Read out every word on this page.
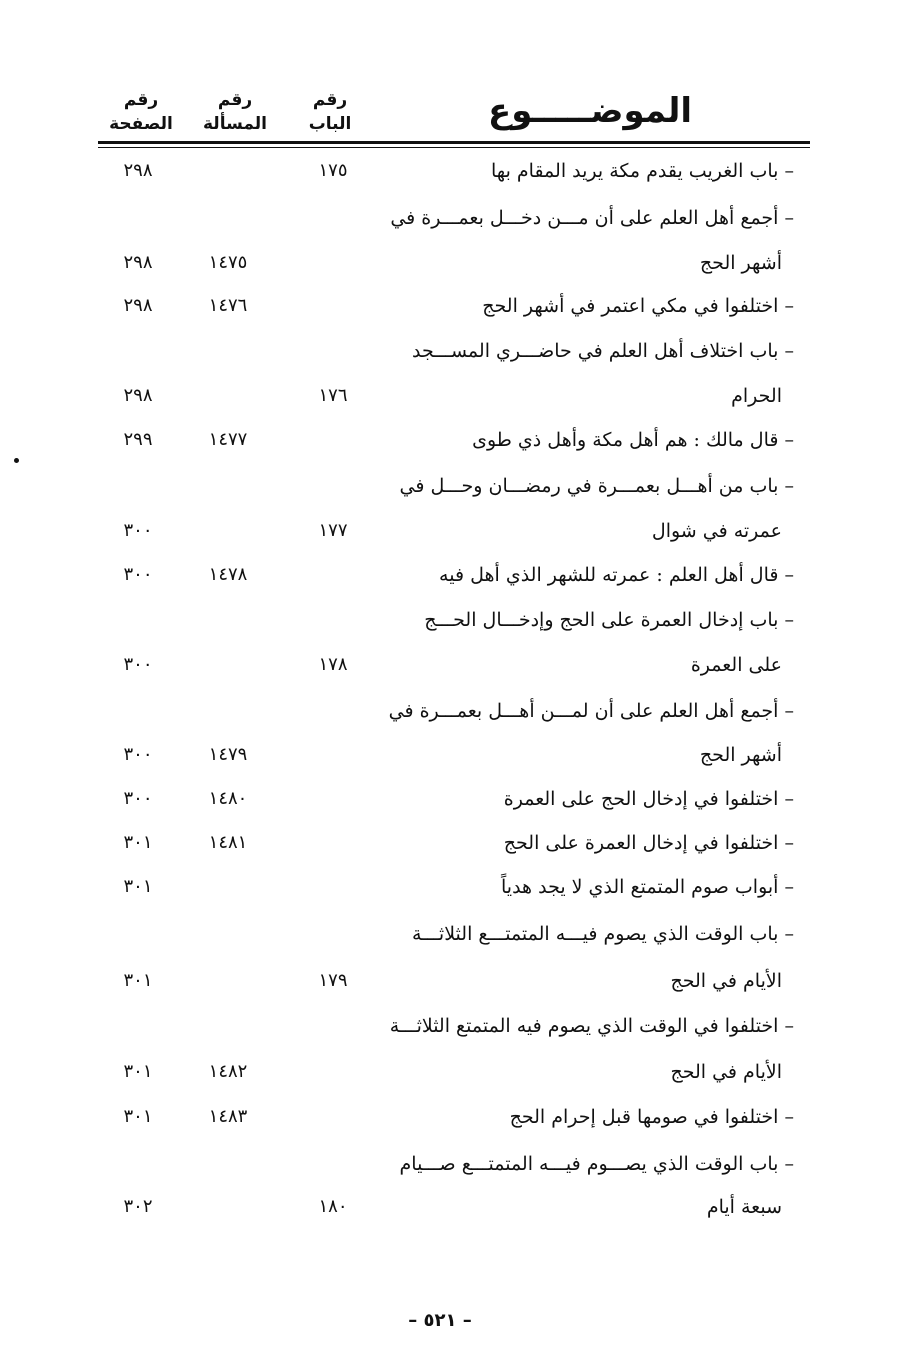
الموضـــــوع
رقم
الباب
رقم
المسألة
رقم
الصفحة
– باب الغريب يقدم مكة يريد المقام بها
١٧٥
٢٩٨
– أجمع أهل العلم على أن مـــن دخـــل بعمـــرة في
أشهر الحج
١٤٧٥
٢٩٨
– اختلفوا في مكي اعتمر في أشهر الحج
١٤٧٦
٢٩٨
– باب اختلاف أهل العلم في حاضـــري المســـجد
الحرام
١٧٦
٢٩٨
– قال مالك : هم أهل مكة وأهل ذي طوى
١٤٧٧
٢٩٩
– باب من أهـــل بعمـــرة في رمضـــان وحـــل في
عمرته في شوال
١٧٧
٣٠٠
– قال أهل العلم : عمرته للشهر الذي أهل فيه
١٤٧٨
٣٠٠
– باب إدخال العمرة على الحج وإدخـــال الحـــج
على العمرة
١٧٨
٣٠٠
– أجمع أهل العلم على أن لمـــن أهـــل بعمـــرة في
أشهر الحج
١٤٧٩
٣٠٠
– اختلفوا في إدخال الحج على العمرة
١٤٨٠
٣٠٠
– اختلفوا في إدخال العمرة على الحج
١٤٨١
٣٠١
– أبواب صوم المتمتع الذي لا يجد هدياً
٣٠١
– باب الوقت الذي يصوم فيـــه المتمتـــع الثلاثـــة
الأيام في الحج
١٧٩
٣٠١
– اختلفوا في الوقت الذي يصوم فيه المتمتع الثلاثـــة
الأيام في الحج
١٤٨٢
٣٠١
– اختلفوا في صومها قبل إحرام الحج
١٤٨٣
٣٠١
– باب الوقت الذي يصـــوم فيـــه المتمتـــع صـــيام
سبعة أيام
١٨٠
٣٠٢
– ٥٢١ –
